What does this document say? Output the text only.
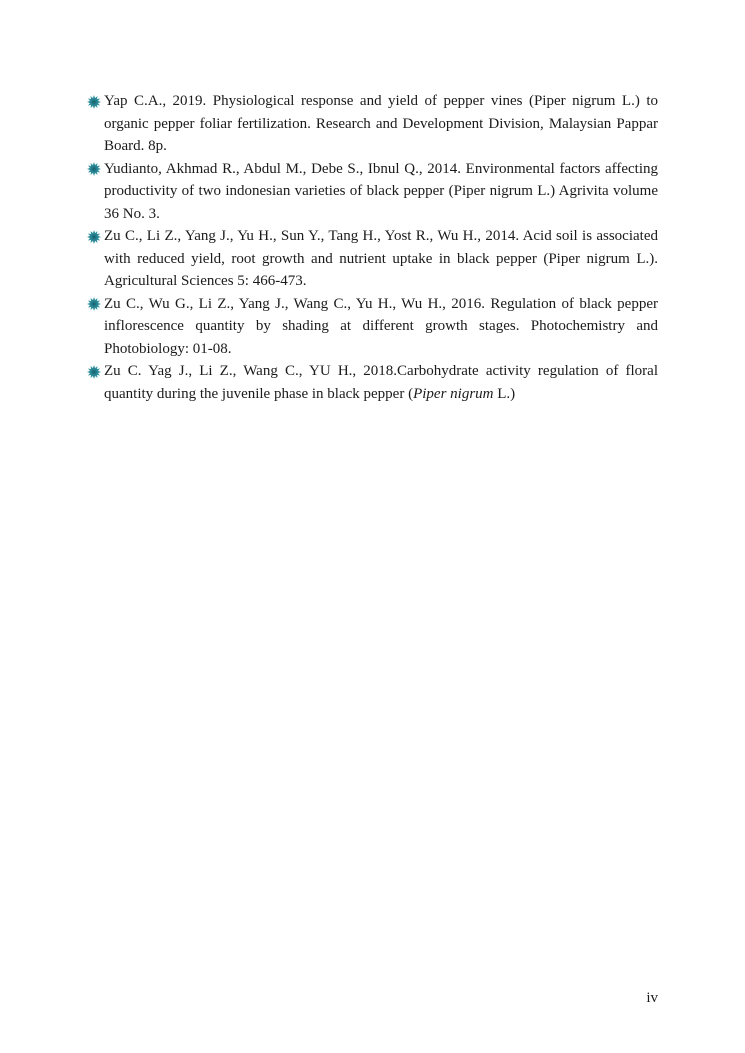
Yap C.A., 2019. Physiological response and yield of pepper vines (Piper nigrum L.) to organic pepper foliar fertilization. Research and Development Division, Malaysian Pappar Board. 8p.

Yudianto, Akhmad R., Abdul M., Debe S., Ibnul Q., 2014. Environmental factors affecting productivity of two indonesian varieties of black pepper (Piper nigrum L.) Agrivita volume 36 No. 3.

Zu C., Li Z., Yang J., Yu H., Sun Y., Tang H., Yost R., Wu H., 2014. Acid soil is associated with reduced yield, root growth and nutrient uptake in black pepper (Piper nigrum L.). Agricultural Sciences 5: 466-473.

Zu C., Wu G., Li Z., Yang J., Wang C., Yu H., Wu H., 2016. Regulation of black pepper inflorescence quantity by shading at different growth stages. Photochemistry and Photobiology: 01-08.

Zu C. Yag J., Li Z., Wang C., YU H., 2018.Carbohydrate activity regulation of floral quantity during the juvenile phase in black pepper (Piper nigrum L.)

iv
